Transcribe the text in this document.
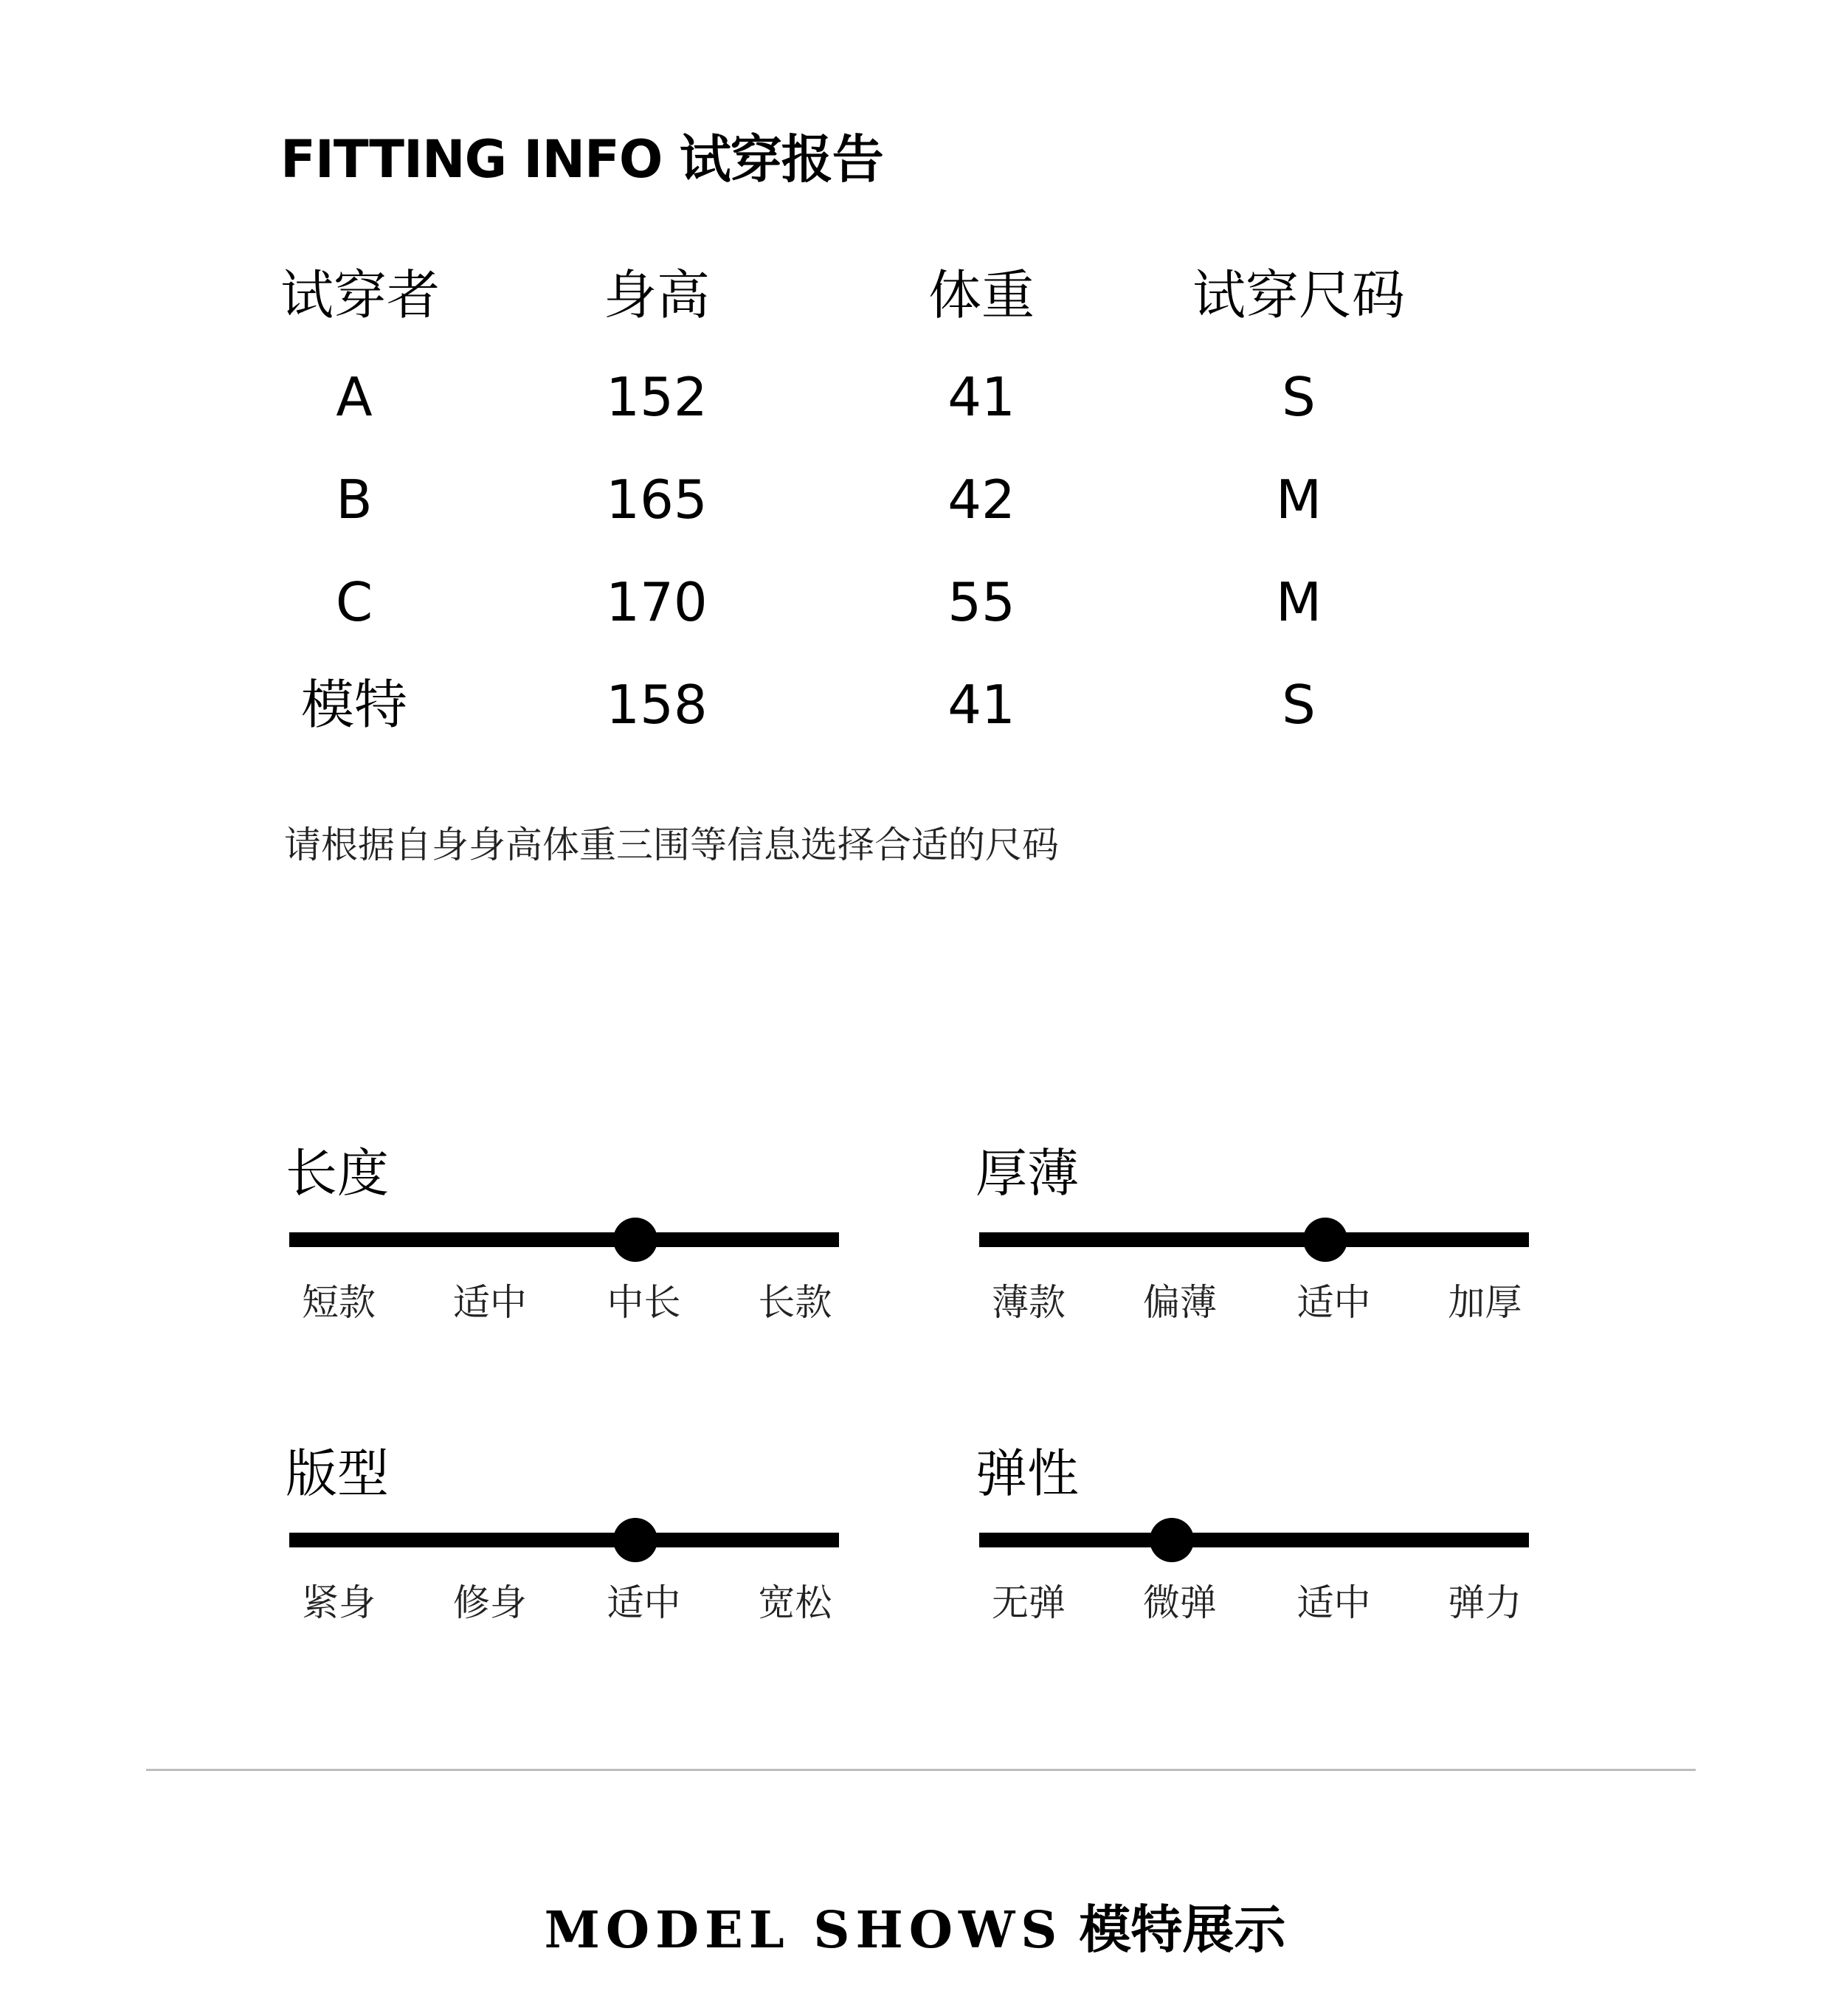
FITTING INFO 试穿报告
试穿者	身高	体重	试穿尺码
A	152	41	S
B	165	42	M
C	170	55	M
模特	158	41	S
请根据自身身高体重三围等信息选择合适的尺码
长度
短款 适中 中长 长款
厚薄
薄款 偏薄 适中 加厚
版型
紧身 修身 适中 宽松
弹性
无弹 微弹 适中 弹力
MODEL SHOWS 模特展示
